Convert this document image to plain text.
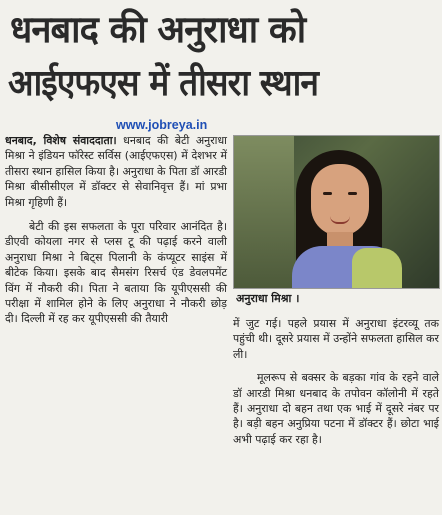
धनबाद की अनुराधा को
आईएफएस में तीसरा स्थान
www.jobreya.in

धनबाद, विशेष संवाददाता। धनबाद की बेटी अनुराधा मिश्रा ने इंडियन फॉरेस्ट सर्विस (आईएफएस) में देशभर में तीसरा स्थान हासिल किया है। अनुराधा के पिता डॉ आरडी मिश्रा बीसीसीएल में डॉक्टर से सेवानिवृत्त हैं। मां प्रभा मिश्रा गृहिणी हैं।

बेटी की इस सफलता के पूरा परिवार आनंदित है। डीएवी कोयला नगर से प्लस टू की पढ़ाई करने वाली अनुराधा मिश्रा ने बिट्स पिलानी के कंप्यूटर साइंस में बीटेक किया। इसके बाद सैमसंग रिसर्च एंड डेवलपमेंट विंग में नौकरी की। पिता ने बताया कि यूपीएससी की परीक्षा में शामिल होने के लिए अनुराधा ने नौकरी छोड़ दी। दिल्ली में रह कर यूपीएससी की तैयारी

अनुराधा मिश्रा ।

में जुट गई। पहले प्रयास में अनुराधा इंटरव्यू तक पहुंची थी। दूसरे प्रयास में उन्होंने सफलता हासिल कर ली।

मूलरूप से बक्सर के बड़का गांव के रहने वाले डॉ आरडी मिश्रा धनबाद के तपोवन कॉलोनी में रहते हैं। अनुराधा दो बहन तथा एक भाई में दूसरे नंबर पर है। बड़ी बहन अनुप्रिया पटना में डॉक्टर हैं। छोटा भाई अभी पढ़ाई कर रहा है।
